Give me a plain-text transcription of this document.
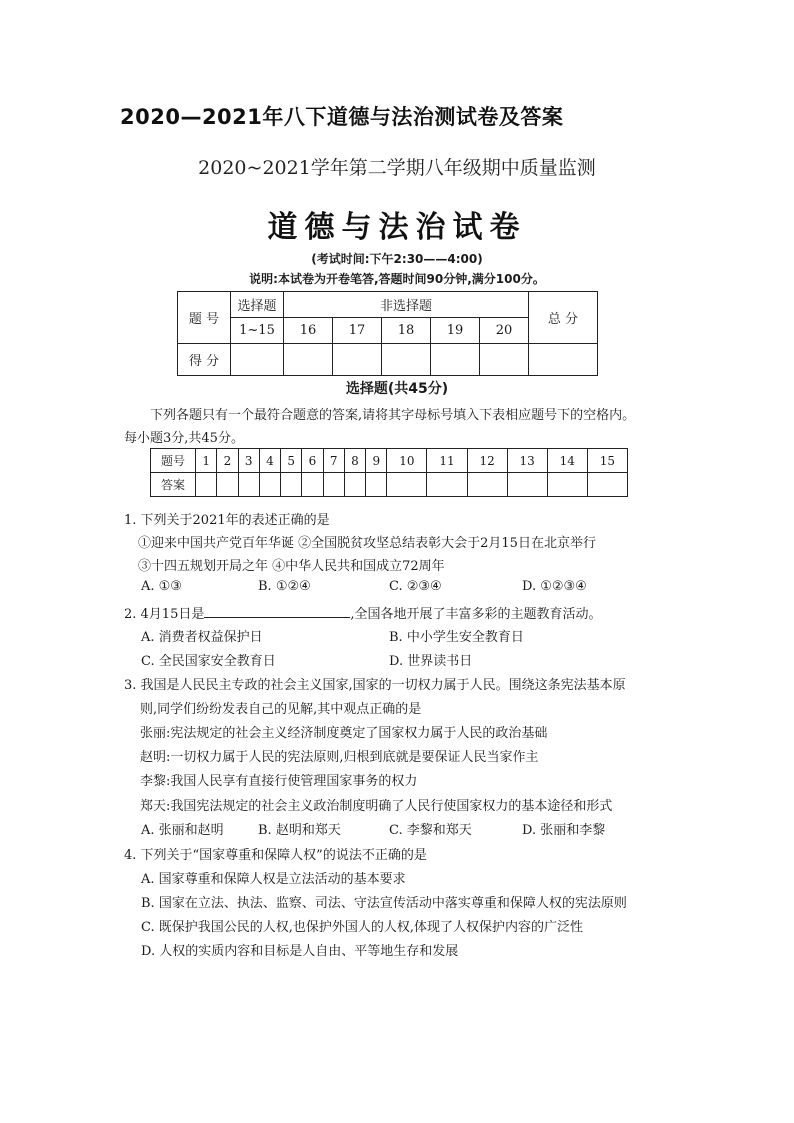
2020—2021年八下道德与法治测试卷及答案
2020~2021学年第二学期八年级期中质量监测
道德与法治试卷
(考试时间:下午2:30——4:00)
说明:本试卷为开卷笔答,答题时间90分钟,满分100分。
题 号	选择题	非选择题					总 分
	1~15	16	17	18	19	20	
得 分							
选择题(共45分)
下列各题只有一个最符合题意的答案,请将其字母标号填入下表相应题号下的空格内。
每小题3分,共45分。
题号	1	2	3	4	5	6	7	8	9	10	11	12	13	14	15
答案															
1. 下列关于2021年的表述正确的是
①迎来中国共产党百年华诞 ②全国脱贫攻坚总结表彰大会于2月15日在北京举行
③十四五规划开局之年 ④中华人民共和国成立72周年
A. ①③	B. ①②④	C. ②③④	D. ①②③④
2. 4月15日是	,全国各地开展了丰富多彩的主题教育活动。
A. 消费者权益保护日	B. 中小学生安全教育日
C. 全民国家安全教育日	D. 世界读书日
3. 我国是人民民主专政的社会主义国家,国家的一切权力属于人民。围绕这条宪法基本原
则,同学们纷纷发表自己的见解,其中观点正确的是
张丽:宪法规定的社会主义经济制度奠定了国家权力属于人民的政治基础
赵明:一切权力属于人民的宪法原则,归根到底就是要保证人民当家作主
李黎:我国人民享有直接行使管理国家事务的权力
郑天:我国宪法规定的社会主义政治制度明确了人民行使国家权力的基本途径和形式
A. 张丽和赵明	B. 赵明和郑天	C. 李黎和郑天	D. 张丽和李黎
4. 下列关于“国家尊重和保障人权”的说法不正确的是
A. 国家尊重和保障人权是立法活动的基本要求
B. 国家在立法、执法、监察、司法、守法宣传活动中落实尊重和保障人权的宪法原则
C. 既保护我国公民的人权,也保护外国人的人权,体现了人权保护内容的广泛性
D. 人权的实质内容和目标是人自由、平等地生存和发展
